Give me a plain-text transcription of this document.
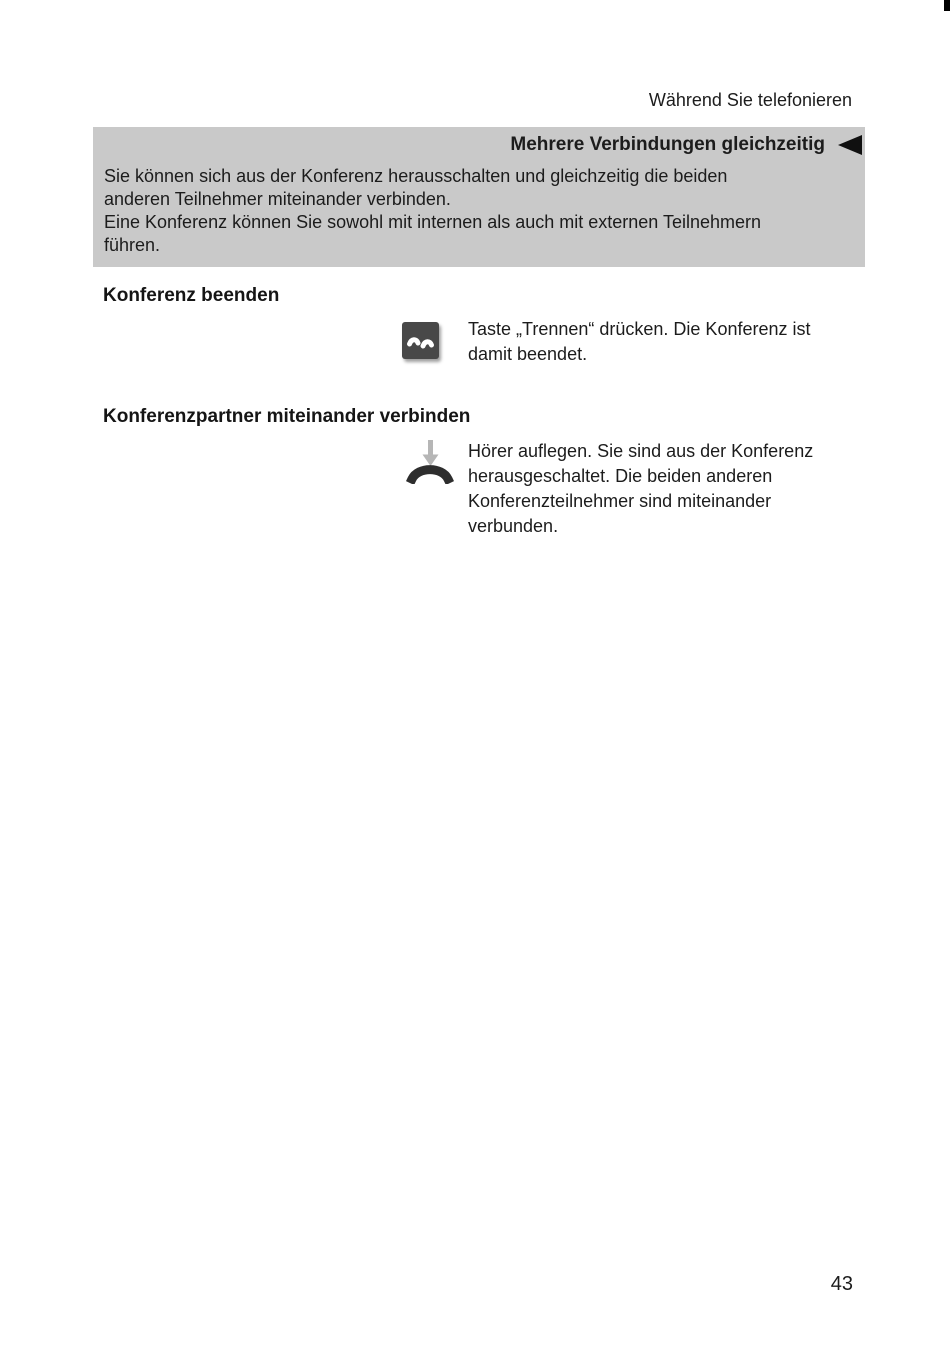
Während Sie telefonieren
Mehrere Verbindungen gleichzeitig
Sie können sich aus der Konferenz herausschalten und gleichzeitig die beiden
anderen Teilnehmer miteinander verbinden.
Eine Konferenz können Sie sowohl mit internen als auch mit externen Teilnehmern
führen.
Konferenz beenden
Taste „Trennen“ drücken. Die Konferenz ist
damit beendet.
Konferenzpartner miteinander verbinden
Hörer auflegen. Sie sind aus der Konferenz
herausgeschaltet. Die beiden anderen
Konferenzteilnehmer sind miteinander
verbunden.
43
